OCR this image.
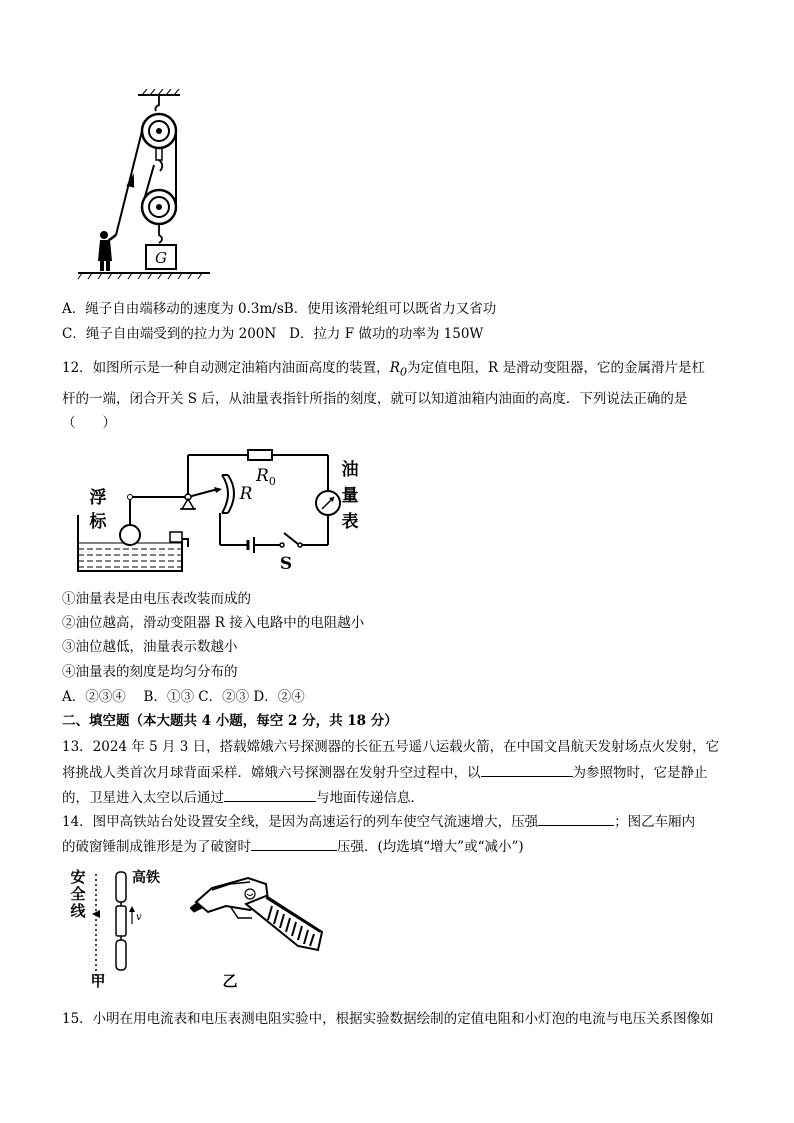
G
A．绳子自由端移动的速度为 0.3m/sB．使用该滑轮组可以既省力又省功
C．绳子自由端受到的拉力为 200N D．拉力 F 做功的功率为 150W
12．如图所示是一种自动测定油箱内油面高度的装置，$R_0$为定值电阻，R 是滑动变阻器，它的金属滑片是杠
杆的一端，闭合开关 S 后，从油量表指针所指的刻度，就可以知道油箱内油面的高度．下列说法正确的是
（　　）
浮
标
$R_0$
油
量
表
S
R
①油量表是由电压表改装而成的
②油位越高，滑动变阻器 R 接入电路中的电阻越小
③油位越低，油量表示数越小
④油量表的刻度是均匀分布的
A．②③④　 B．①③ C．②③ D．②④
二、填空题（本大题共 4 小题，每空 2 分，共 18 分）
13．2024 年 5 月 3 日，搭载嫦娥六号探测器的长征五号遥八运载火箭，在中国文昌航天发射场点火发射，它
将挑战人类首次月球背面采样．嫦娥六号探测器在发射升空过程中，以	为参照物时，它是静止
的，卫星进入太空以后通过	与地面传递信息．
14．图甲高铁站台处设置安全线，是因为高速运行的列车使空气流速增大，压强	；图乙车厢内
的破窗锤制成锥形是为了破窗时	压强．(均选填“增大”或“减小”)
安
全
线
高铁
v
甲	乙
15．小明在用电流表和电压表测电阻实验中，根据实验数据绘制的定值电阻和小灯泡的电流与电压关系图像如
